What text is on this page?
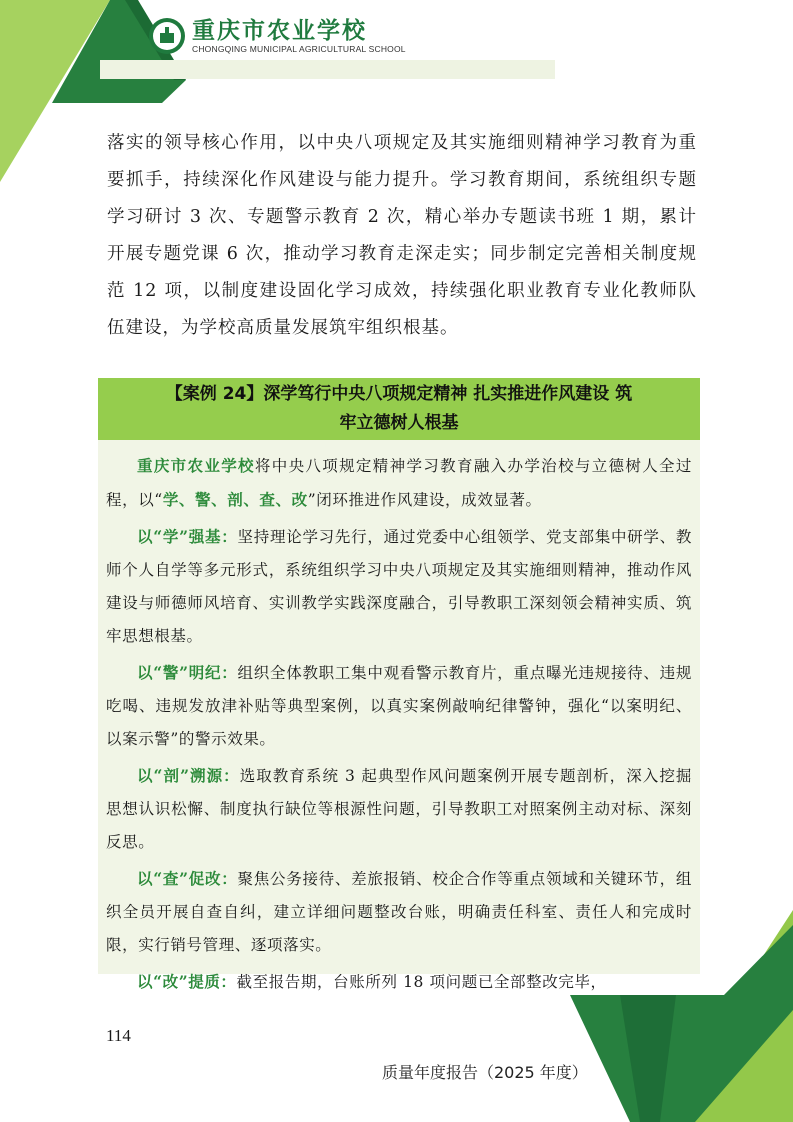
重庆市农业学校
CHONGQING MUNICIPAL AGRICULTURAL SCHOOL

落实的领导核心作用，以中央八项规定及其实施细则精神学习教育为重要抓手，持续深化作风建设与能力提升。学习教育期间，系统组织专题学习研讨 3 次、专题警示教育 2 次，精心举办专题读书班 1 期，累计开展专题党课 6 次，推动学习教育走深走实；同步制定完善相关制度规范 12 项，以制度建设固化学习成效，持续强化职业教育专业化教师队伍建设，为学校高质量发展筑牢组织根基。

【案例 24】深学笃行中央八项规定精神 扎实推进作风建设 筑
牢立德树人根基

重庆市农业学校将中央八项规定精神学习教育融入办学治校与立德树人全过程，以“学、警、剖、查、改”闭环推进作风建设，成效显著。

以“学”强基：坚持理论学习先行，通过党委中心组领学、党支部集中研学、教师个人自学等多元形式，系统组织学习中央八项规定及其实施细则精神，推动作风建设与师德师风培育、实训教学实践深度融合，引导教职工深刻领会精神实质、筑牢思想根基。

以“警”明纪：组织全体教职工集中观看警示教育片，重点曝光违规接待、违规吃喝、违规发放津补贴等典型案例，以真实案例敲响纪律警钟，强化“以案明纪、以案示警”的警示效果。

以“剖”溯源：选取教育系统 3 起典型作风问题案例开展专题剖析，深入挖掘思想认识松懈、制度执行缺位等根源性问题，引导教职工对照案例主动对标、深刻反思。

以“查”促改：聚焦公务接待、差旅报销、校企合作等重点领域和关键环节，组织全员开展自查自纠，建立详细问题整改台账，明确责任科室、责任人和完成时限，实行销号管理、逐项落实。

以“改”提质：截至报告期，台账所列 18 项问题已全部整改完毕，

114
质量年度报告（2025 年度）
